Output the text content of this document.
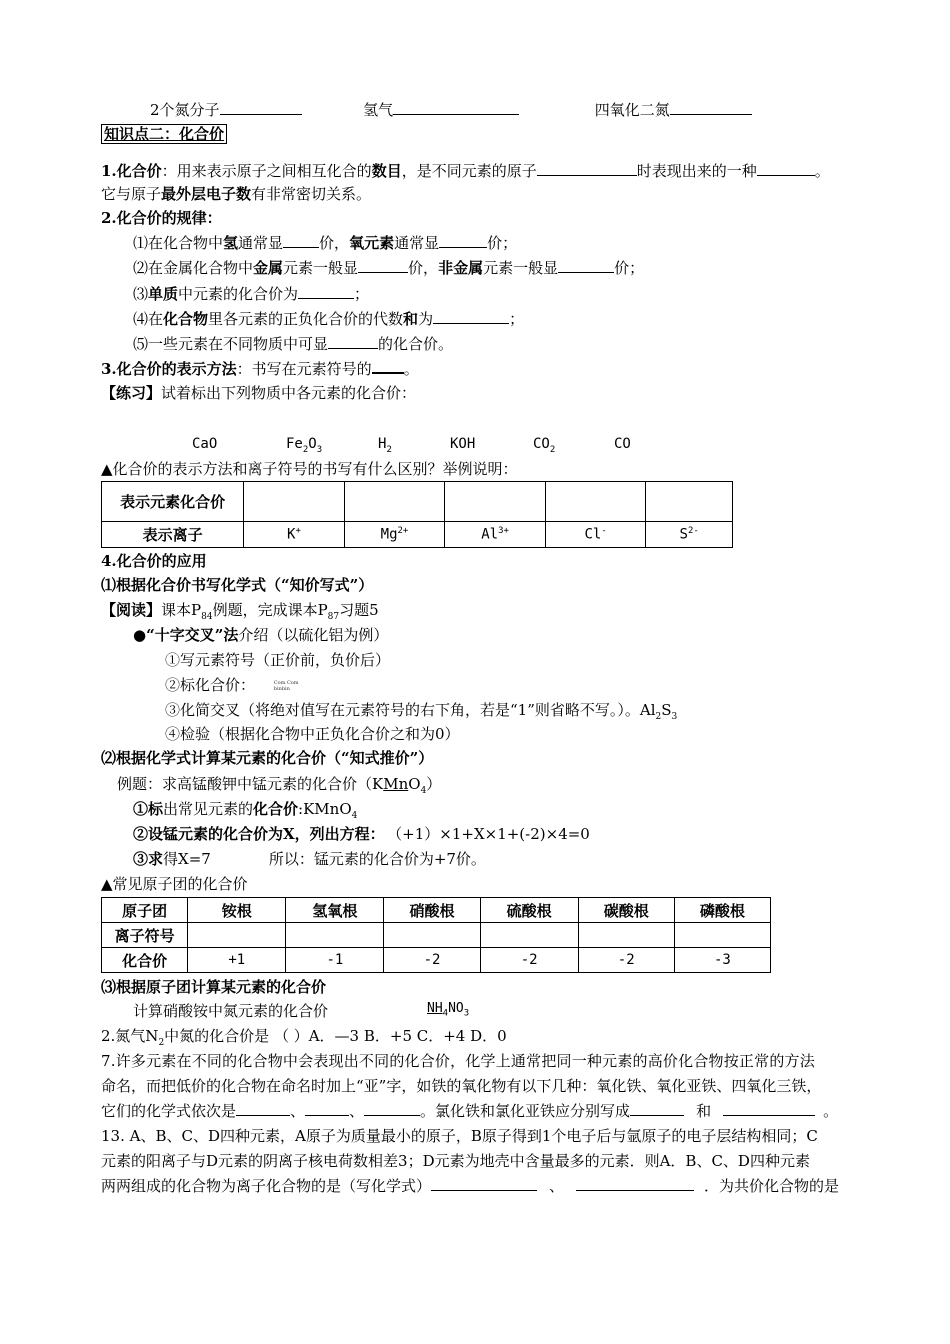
2个氮分子	氢气	四氧化二氮
知识点二：化合价
1.化合价：用来表示原子之间相互化合的数目，是不同元素的原子	时表现出来的一种	。
它与原子最外层电子数有非常密切关系。
2.化合价的规律：
⑴在化合物中氢通常显 价，氧元素通常显	价；
⑵在金属化合物中金属元素一般显	价，非金属元素一般显	价；
⑶单质中元素的化合价为	；
⑷在化合物里各元素的正负化合价的代数和为	；
⑸一些元素在不同物质中可显	的化合价。
3.化合价的表示方法：书写在元素符号的 。
【练习】试着标出下列物质中各元素的化合价：
CaO	$Fe_2O_3$	$H_2$	KOH	$CO_2$	CO
▲化合价的表示方法和离子符号的书写有什么区别？举例说明：
表示元素化合价					
表示离子	K+	$Mg^{2+}$	$Al^{3+}$	Cl-	$S^{2-}$
4.化合价的应用
⑴根据化合价书写化学式（“知价写式”）
【阅读】课本$P_{84}$例题，完成课本$P_{87}$习题5
●“十字交叉”法介绍（以硫化铝为例）
①写元素符号（正价前，负价后）
②标化合价：	Com Com
binbin
③化简交叉（将绝对值写在元素符号的右下角，若是“1”则省略不写。）。$Al_2S_3$
④检验（根据化合物中正负化合价之和为0）
⑵根据化学式计算某元素的化合价（“知式推价”）
例题：求高锰酸钾中锰元素的化合价（KMnO$_4$）
①标出常见元素的化合价:KMnO$_4$
②设锰元素的化合价为X，列出方程： （+1）×1+X×1+(-2)×4=0
③求得X=7	所以：锰元素的化合价为+7价。
▲常见原子团的化合价
原子团	铵根	氢氧根	硝酸根	硫酸根	碳酸根	磷酸根
离子符号						
化合价	+1	-1	-2	-2	-2	-3
⑶根据原子团计算某元素的化合价
计算硝酸铵中氮元素的化合价	$NH_4NO_3$
2.氮气$N_2$中氮的化合价是 （ ）A．—3 B．+5 C．+4 D．0
7.许多元素在不同的化合物中会表现出不同的化合价，化学上通常把同一种元素的高价化合物按正常的方法
命名，而把低价的化合物在命名时加上“亚”字，如铁的氧化物有以下几种：氧化铁、氧化亚铁、四氧化三铁，
它们的化学式依次是	、	、	。氯化铁和氯化亚铁应分别写成	和	。
13. A、B、C、D四种元素，A原子为质量最小的原子，B原子得到1个电子后与氩原子的电子层结构相同；C
元素的阳离子与D元素的阴离子核电荷数相差3；D元素为地壳中含量最多的元素．则A．B、C、D四种元素
两两组成的化合物为离子化合物的是（写化学式）	、	．为共价化合物的是
